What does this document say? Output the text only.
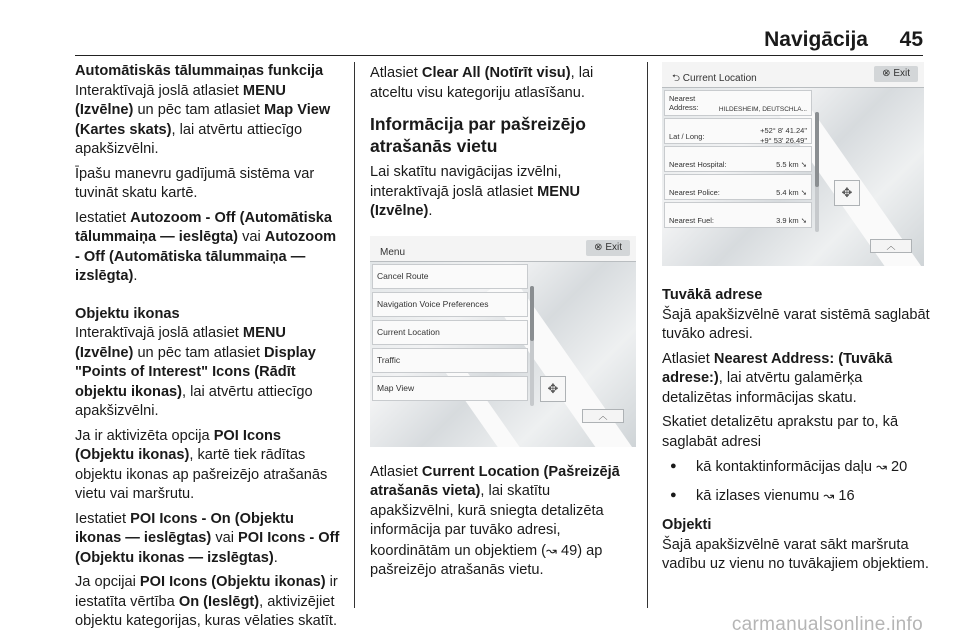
Navigācija 45

Automātiskās tālummaiņas funkcija

Interaktīvajā joslā atlasiet MENU (Izvēlne) un pēc tam atlasiet Map View (Kartes skats), lai atvērtu attiecīgo apakšizvēlni.

Īpašu manevru gadījumā sistēma var tuvināt skatu kartē.

Iestatiet Autozoom - Off (Automātiska tālummaiņa — ieslēgta) vai Autozoom - Off (Automātiska tālummaiņa — izslēgta).

Objektu ikonas

Interaktīvajā joslā atlasiet MENU (Izvēlne) un pēc tam atlasiet Display "Points of Interest" Icons (Rādīt objektu ikonas), lai atvērtu attiecīgo apakšizvēlni.

Ja ir aktivizēta opcija POI Icons (Objektu ikonas), kartē tiek rādītas objektu ikonas ap pašreizējo atrašanās vietu vai maršrutu.

Iestatiet POI Icons - On (Objektu ikonas — ieslēgtas) vai POI Icons - Off (Objektu ikonas — izslēgtas).

Ja opcijai POI Icons (Objektu ikonas) ir iestatīta vērtība On (Ieslēgt), aktivizējiet objektu kategorijas, kuras vēlaties skatīt.

Atlasiet Clear All (Notīrīt visu), lai atceltu visu kategoriju atlasīšanu.

Informācija par pašreizējo atrašanās vietu

Lai skatītu navigācijas izvēlni, interaktīvajā joslā atlasiet MENU (Izvēlne).

Menu	⊗ Exit
Cancel Route
Navigation Voice Preferences
Current Location
Traffic
Map View	✥
︿

Atlasiet Current Location (Pašreizējā atrašanās vieta), lai skatītu apakšizvēlni, kurā sniegta detalizēta informācija par tuvāko adresi, koordinātām un objektiem (↝ 49) ap pašreizējo atrašanās vietu.

⮌ Current Location	⊗ Exit
Nearest Address:	HILDESHEIM, DEUTSCHLA...
Lat / Long:
+52° 8' 41.24"
+9° 53' 26.49"
Nearest Hospital:	5.5 km ➘
Nearest Police:	5.4 km ➘
Nearest Fuel:	3.9 km ➘
✥
︿

Tuvākā adrese

Šajā apakšizvēlnē varat sistēmā saglabāt tuvāko adresi.

Atlasiet Nearest Address: (Tuvākā adrese:), lai atvērtu galamērķa detalizētas informācijas skatu.

Skatiet detalizētu aprakstu par to, kā saglabāt adresi

● kā kontaktinformācijas daļu ↝ 20
● kā izlases vienumu ↝ 16

Objekti

Šajā apakšizvēlnē varat sākt maršruta vadību uz vienu no tuvākajiem objektiem.

carmanualsonline.info
